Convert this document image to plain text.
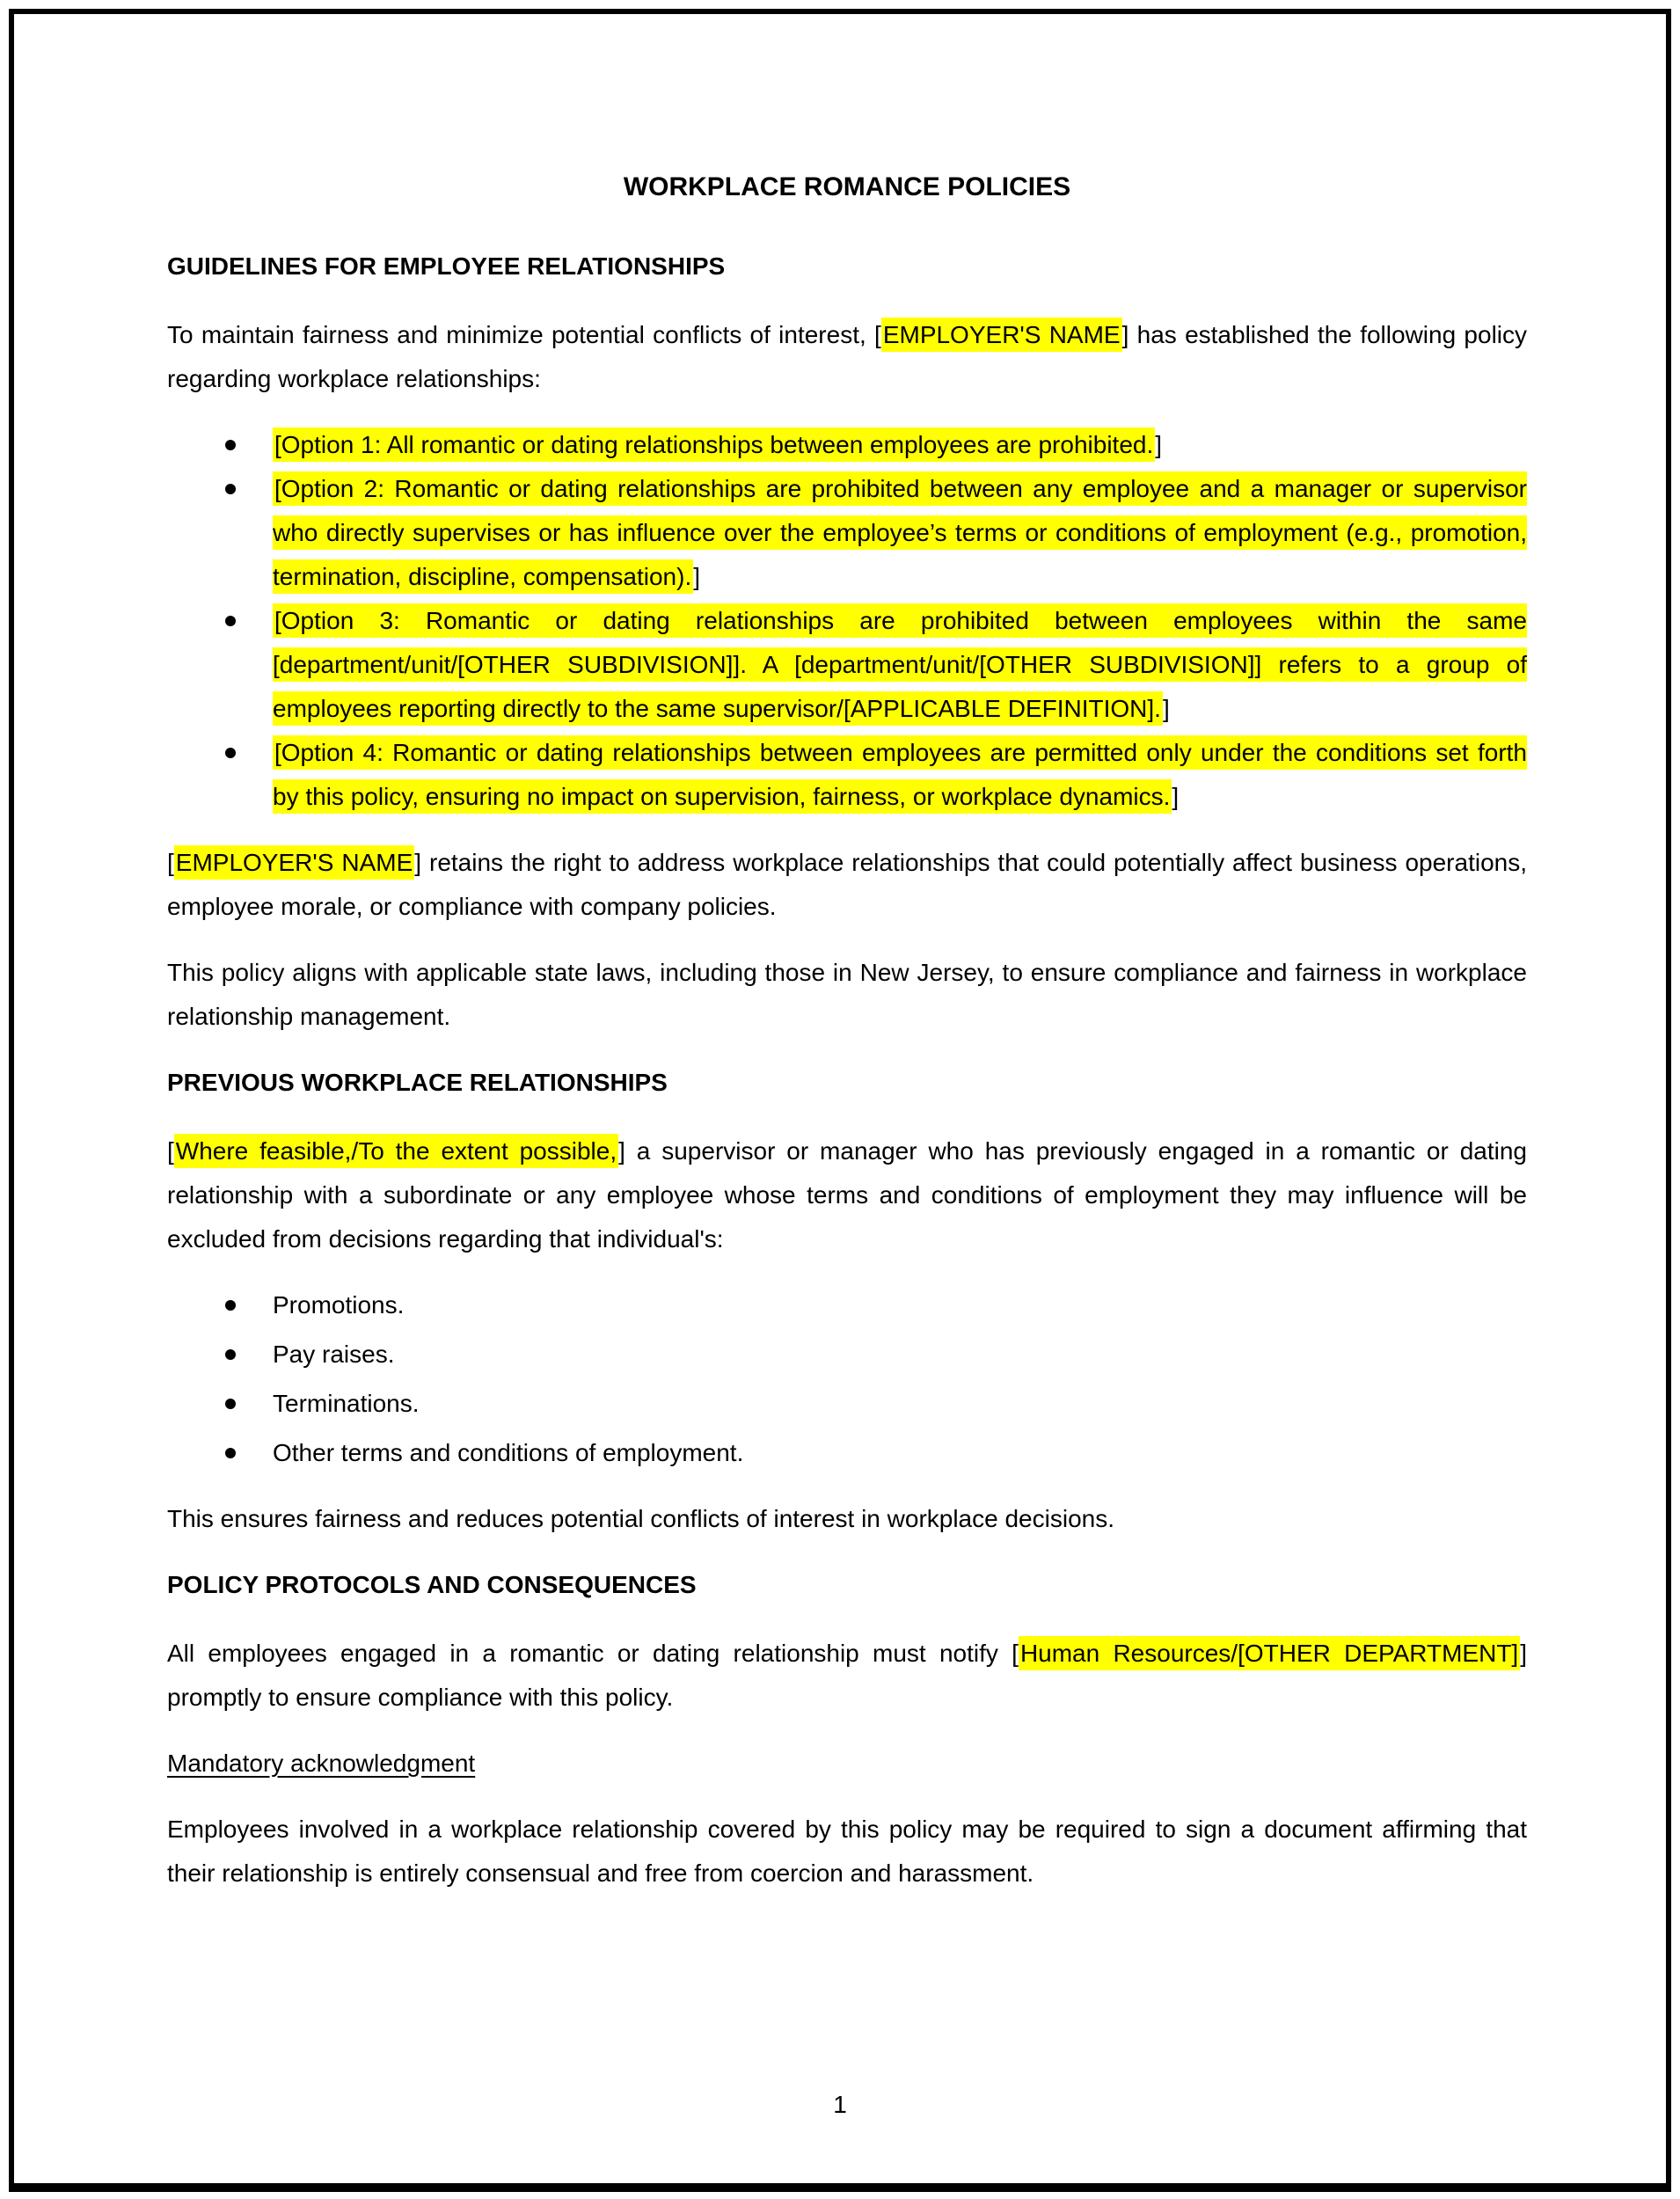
WORKPLACE ROMANCE POLICIES

GUIDELINES FOR EMPLOYEE RELATIONSHIPS

To maintain fairness and minimize potential conflicts of interest, [EMPLOYER'S NAME] has established the following policy regarding workplace relationships:

[Option 1: All romantic or dating relationships between employees are prohibited.]
[Option 2: Romantic or dating relationships are prohibited between any employee and a manager or supervisor who directly supervises or has influence over the employee’s terms or conditions of employment (e.g., promotion, termination, discipline, compensation).]
[Option 3: Romantic or dating relationships are prohibited between employees within the same [department/unit/[OTHER SUBDIVISION]]. A [department/unit/[OTHER SUBDIVISION]] refers to a group of employees reporting directly to the same supervisor/[APPLICABLE DEFINITION].]
[Option 4: Romantic or dating relationships between employees are permitted only under the conditions set forth by this policy, ensuring no impact on supervision, fairness, or workplace dynamics.]

[EMPLOYER'S NAME] retains the right to address workplace relationships that could potentially affect business operations, employee morale, or compliance with company policies.

This policy aligns with applicable state laws, including those in New Jersey, to ensure compliance and fairness in workplace relationship management.

PREVIOUS WORKPLACE RELATIONSHIPS

[Where feasible,/To the extent possible,] a supervisor or manager who has previously engaged in a romantic or dating relationship with a subordinate or any employee whose terms and conditions of employment they may influence will be excluded from decisions regarding that individual's:

Promotions.
Pay raises.
Terminations.
Other terms and conditions of employment.

This ensures fairness and reduces potential conflicts of interest in workplace decisions.

POLICY PROTOCOLS AND CONSEQUENCES

All employees engaged in a romantic or dating relationship must notify [Human Resources/[OTHER DEPARTMENT]] promptly to ensure compliance with this policy.

Mandatory acknowledgment

Employees involved in a workplace relationship covered by this policy may be required to sign a document affirming that their relationship is entirely consensual and free from coercion and harassment.

1
